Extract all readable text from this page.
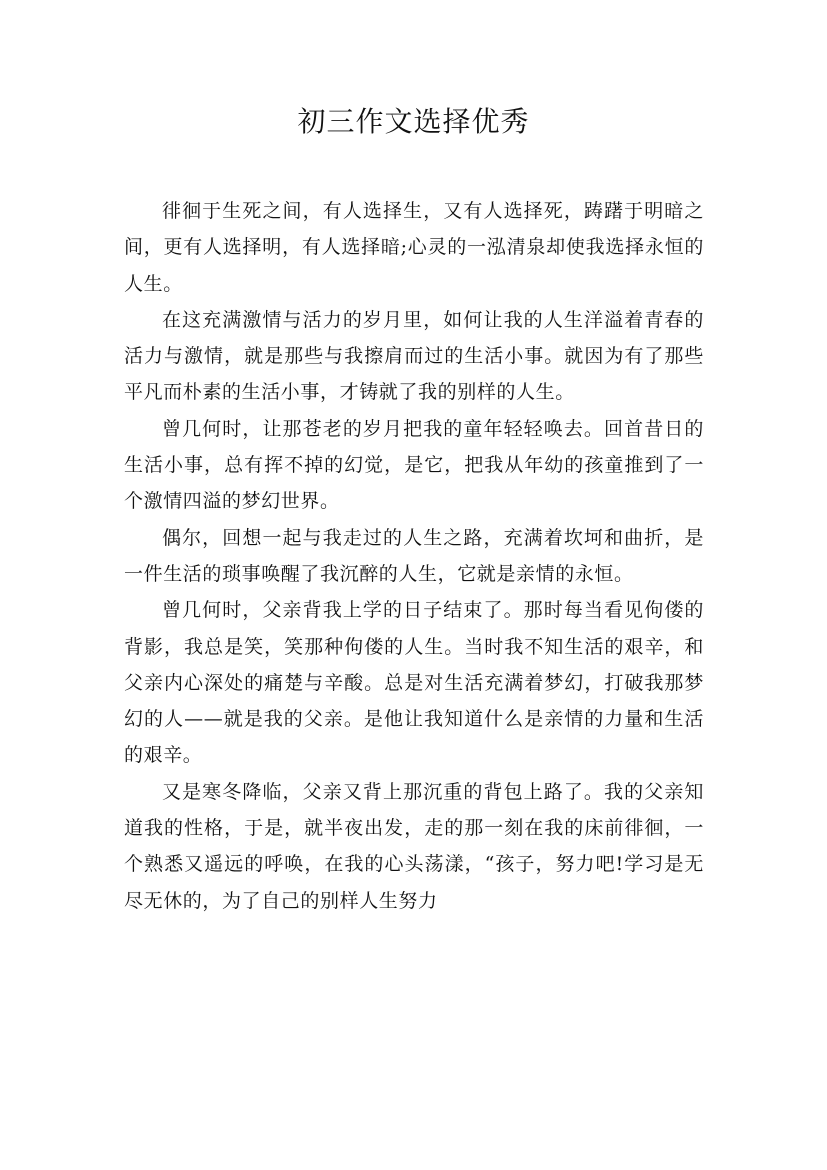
初三作文选择优秀

徘徊于生死之间，有人选择生，又有人选择死，踌躇于明暗之间，更有人选择明，有人选择暗;心灵的一泓清泉却使我选择永恒的人生。

在这充满激情与活力的岁月里，如何让我的人生洋溢着青春的活力与激情，就是那些与我擦肩而过的生活小事。就因为有了那些平凡而朴素的生活小事，才铸就了我的别样的人生。

曾几何时，让那苍老的岁月把我的童年轻轻唤去。回首昔日的生活小事，总有挥不掉的幻觉，是它，把我从年幼的孩童推到了一个激情四溢的梦幻世界。

偶尔，回想一起与我走过的人生之路，充满着坎坷和曲折，是一件生活的琐事唤醒了我沉醉的人生，它就是亲情的永恒。

曾几何时，父亲背我上学的日子结束了。那时每当看见佝偻的背影，我总是笑，笑那种佝偻的人生。当时我不知生活的艰辛，和父亲内心深处的痛楚与辛酸。总是对生活充满着梦幻，打破我那梦幻的人——就是我的父亲。是他让我知道什么是亲情的力量和生活的艰辛。

又是寒冬降临，父亲又背上那沉重的背包上路了。我的父亲知道我的性格，于是，就半夜出发，走的那一刻在我的床前徘徊，一个熟悉又遥远的呼唤，在我的心头荡漾，“孩子，努力吧!学习是无尽无休的，为了自己的别样人生努力
